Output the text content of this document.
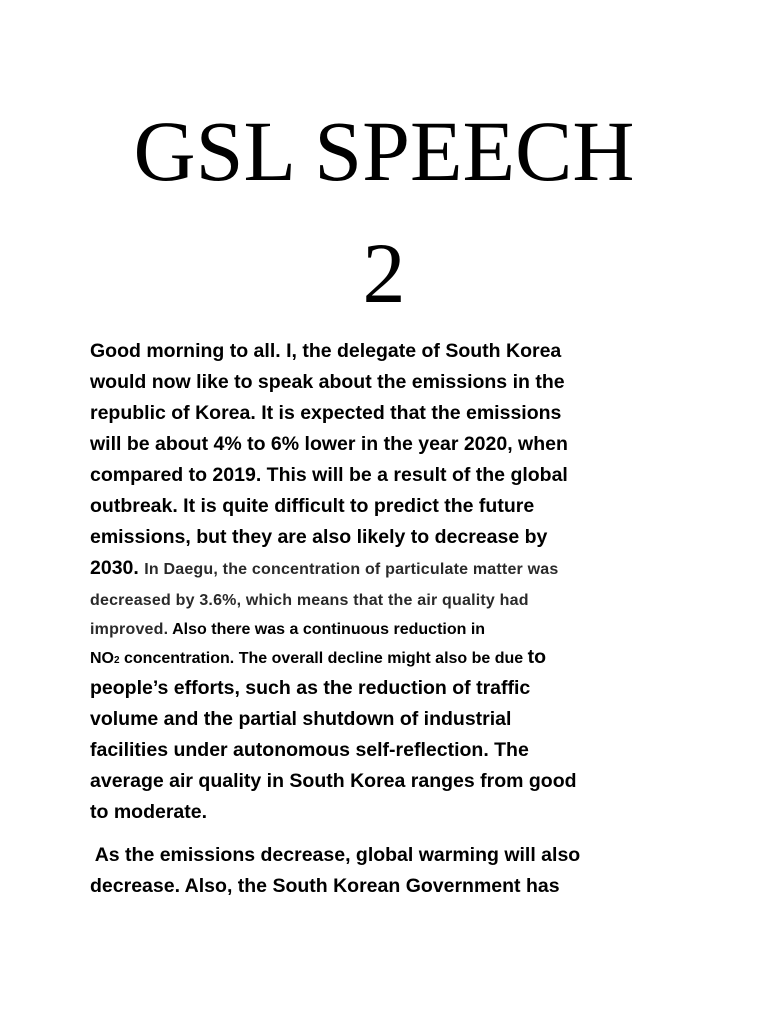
GSL SPEECH
2
Good morning to all. I, the delegate of South Korea
would now like to speak about the emissions in the
republic of Korea. It is expected that the emissions
will be about 4% to 6% lower in the year 2020, when
compared to 2019. This will be a result of the global
outbreak. It is quite difficult to predict the future
emissions, but they are also likely to decrease by
2030. In Daegu, the concentration of particulate matter was
decreased by 3.6%, which means that the air quality had
improved. Also there was a continuous reduction in
NO2 concentration. The overall decline might also be due to
people’s efforts, such as the reduction of traffic
volume and the partial shutdown of industrial
facilities under autonomous self-reflection. The
average air quality in South Korea ranges from good
to moderate.
As the emissions decrease, global warming will also
decrease. Also, the South Korean Government has
